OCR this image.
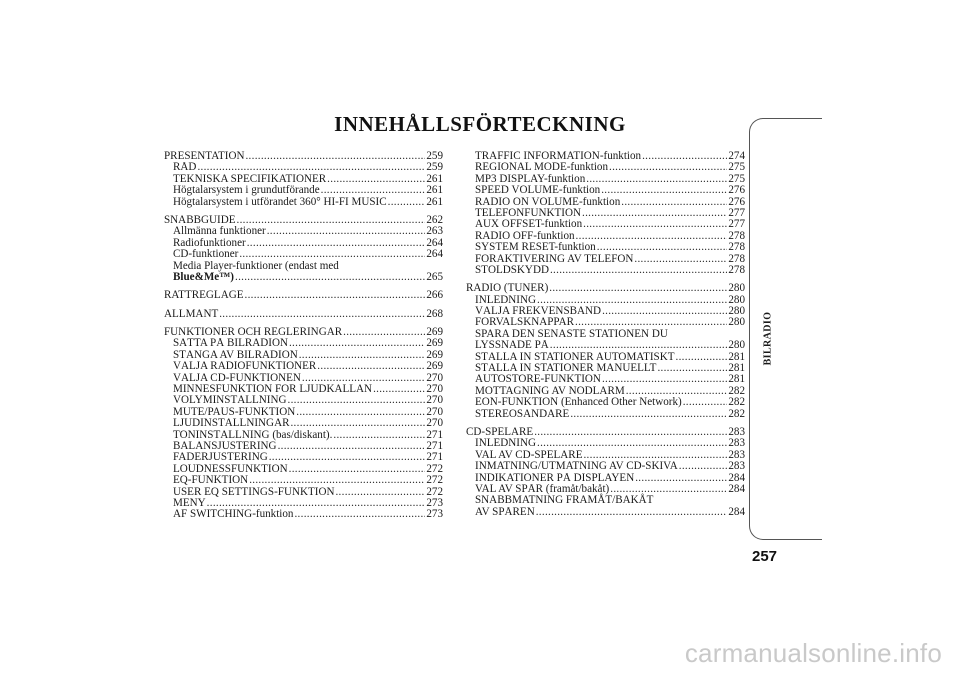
INNEHÅLLSFÖRTECKNING
PRESENTATION .....	259
RÅD .....	259
TEKNISKA SPECIFIKATIONER .....	261
Högtalarsystem i grundutförande .....	261
Högtalarsystem i utförandet 360° HI-FI MUSIC .....	261
SNABBGUIDE .....	262
Allmänna funktioner .....	263
Radiofunktioner .....	264
CD-funktioner .....	264
Media Player-funktioner (endast med
Blue&Me™) .....	265
RATTREGLAGE .....	266
ALLMÄNT .....	268
FUNKTIONER OCH REGLERINGAR .....	269
SÄTTA PÅ BILRADION .....	269
STÄNGA AV BILRADION .....	269
VÄLJA RADIOFUNKTIONER .....	269
VÄLJA CD-FUNKTIONEN .....	270
MINNESFUNKTION FÖR LJUDKÄLLAN .....	270
VOLYMINSTÄLLNING .....	270
MUTE/PAUS-FUNKTION .....	270
LJUDINSTÄLLNINGAR .....	270
TONINSTÄLLNING (bas/diskant). .....	271
BALANSJUSTERING .....	271
FADERJUSTERING .....	271
LOUDNESSFUNKTION .....	272
EQ-FUNKTION .....	272
USER EQ SETTINGS-FUNKTION .....	272
MENY .....	273
AF SWITCHING-funktion .....	273
TRAFFIC INFORMATION-funktion .....	274
REGIONAL MODE-funktion .....	275
MP3 DISPLAY-funktion .....	275
SPEED VOLUME-funktion .....	276
RADIO ON VOLUME-funktion .....	276
TELEFONFUNKTION .....	277
AUX OFFSET-funktion .....	277
RADIO OFF-funktion .....	278
SYSTEM RESET-funktion .....	278
FÖRAKTIVERING AV TELEFON .....	278
STÖLDSKYDD .....	278
RADIO (TUNER) .....	280
INLEDNING .....	280
VÄLJA FREKVENSBAND .....	280
FÖRVALSKNAPPAR .....	280
SPARA DEN SENASTE STATIONEN DU
LYSSNADE PÅ .....	280
STÄLLA IN STATIONER AUTOMATISKT .....	281
STÄLLA IN STATIONER MANUELLT .....	281
AUTOSTORE-FUNKTION .....	281
MOTTAGNING AV NÖDLARM .....	282
EON-FUNKTION (Enhanced Other Network) .....	282
STEREOSÄNDARE .....	282
CD-SPELARE .....	283
INLEDNING .....	283
VAL AV CD-SPELARE .....	283
INMATNING/UTMATNING AV CD-SKIVA .....	283
INDIKATIONER PÅ DISPLAYEN .....	284
VAL AV SPÅR (framåt/bakåt) .....	284
SNABBMATNING FRAMÅT/BAKÅT
AV SPÅREN .....	284
BILRADIO
257
carmanualsonline.info
